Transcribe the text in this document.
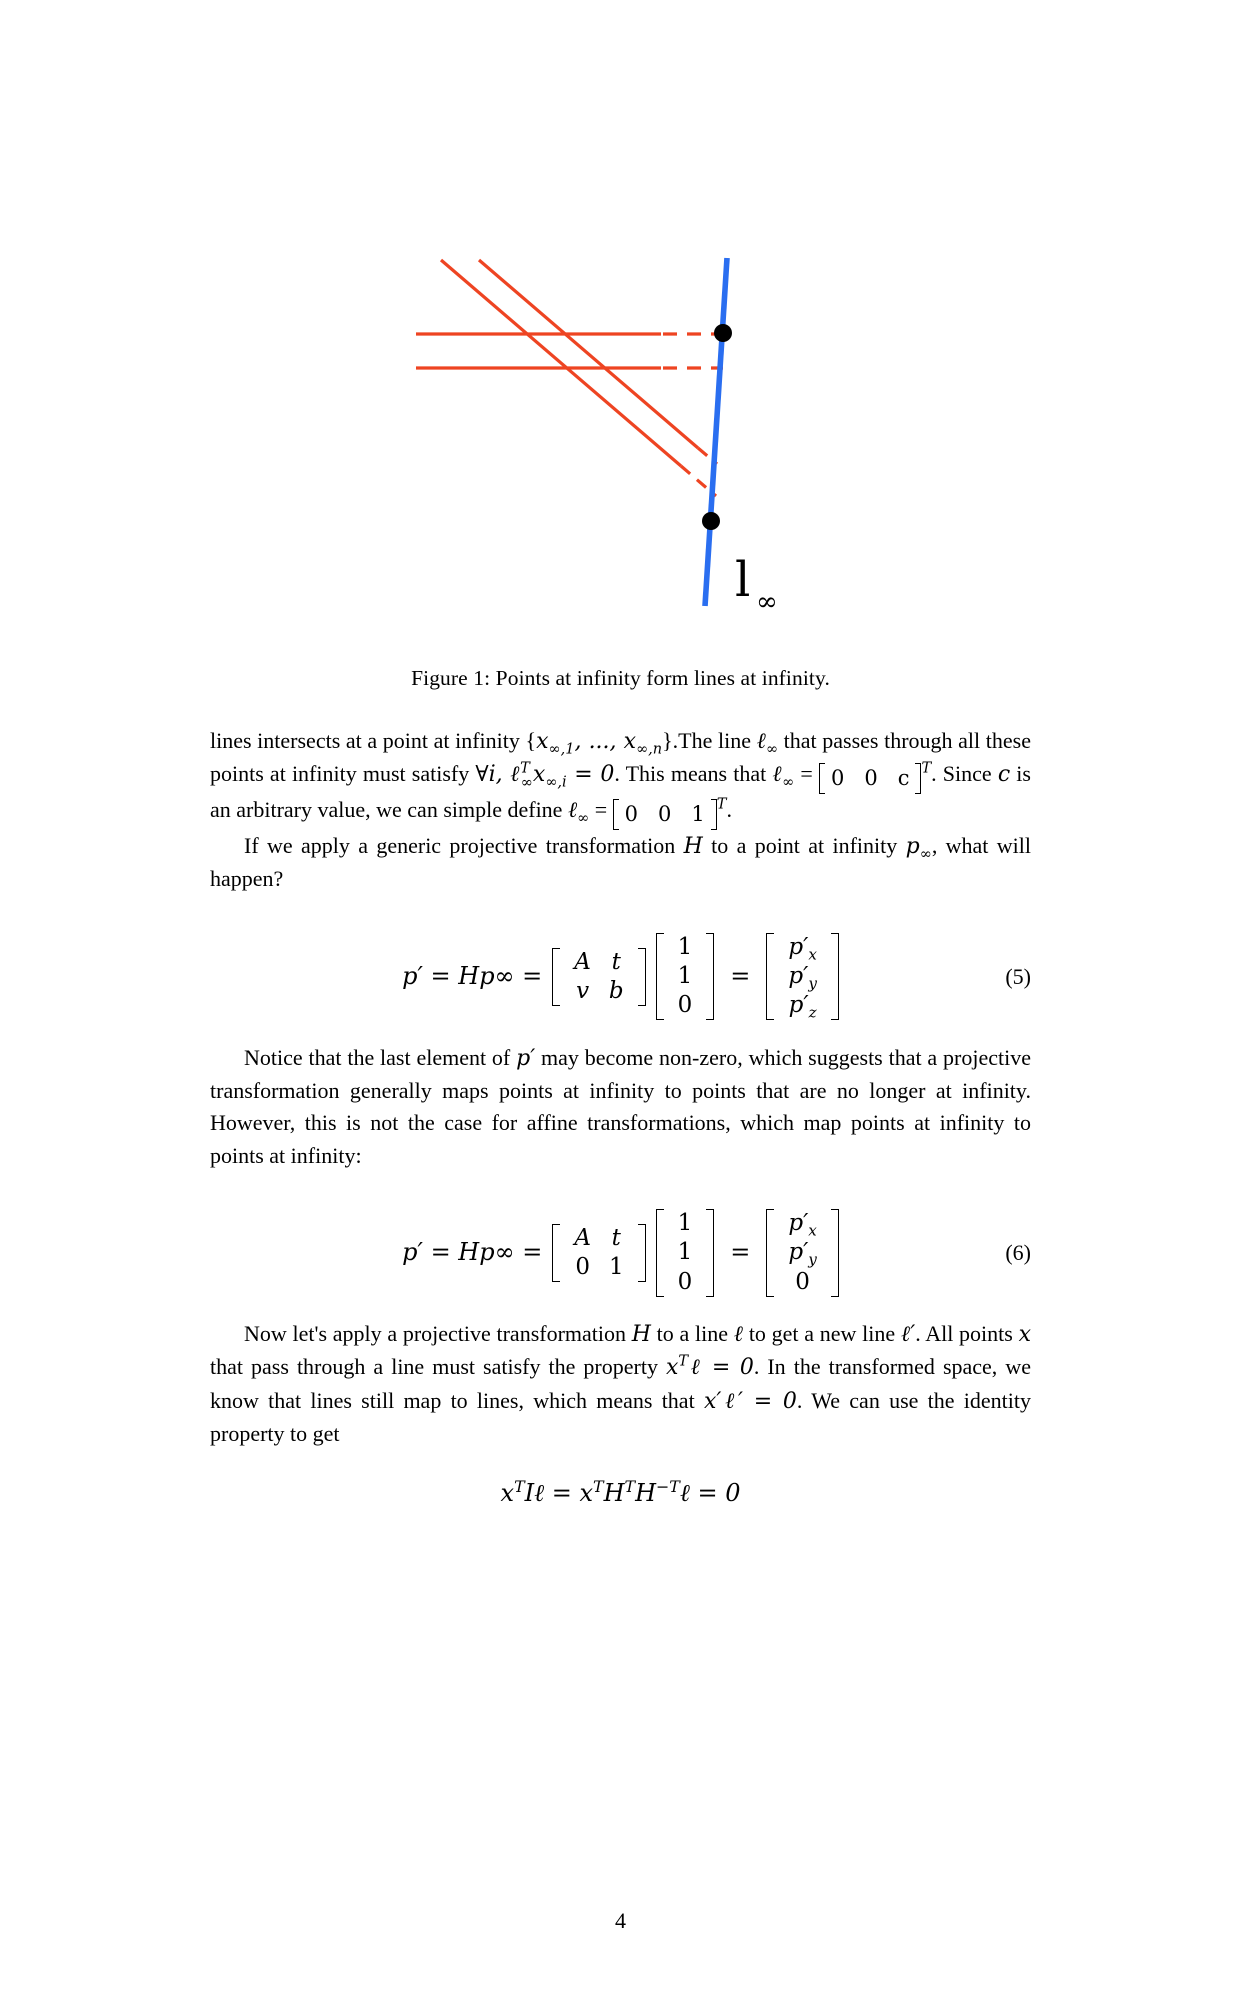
l ∞
Figure 1: Points at infinity form lines at infinity.

lines intersects at a point at infinity {$x_{\infty,1}$, ..., $x_{\infty,n}\}.The$ line ℓ$_\infty$ that passes through all these points at infinity must satisfy ∀i, $\ell^T_\infty x_{\infty,i} = 0$. This means that ℓ$_\infty$ = 0   0   c $^T$. Since c is an arbitrary value, we can simple define ℓ$_\infty$ = 0   0   1 $^T$.

If we apply a generic projective transformation H to a point at infinity $p_\infty$, what will happen?

p′ = Hp∞ =
A	t
v	b
1
1
0
=
$p'_x$
$p'_y$
$p'_z$
(5)

Notice that the last element of p′ may become non-zero, which suggests that a projective transformation generally maps points at infinity to points that are no longer at infinity. However, this is not the case for affine transformations, which map points at infinity to points at infinity:

p′ = Hp∞ =
A	t
0	1
1
1
0
=
$p'_x$
$p'_y$
0
(6)

Now let's apply a projective transformation H to a line ℓ to get a new line ℓ′. All points x that pass through a line must satisfy the property $x^T\ell = 0$. In the transformed space, we know that lines still map to lines, which means that x′ℓ′ = 0. We can use the identity property to get

$x^TI\ell$ = $x^TH^TH^{-T}\ell = 0$
4
